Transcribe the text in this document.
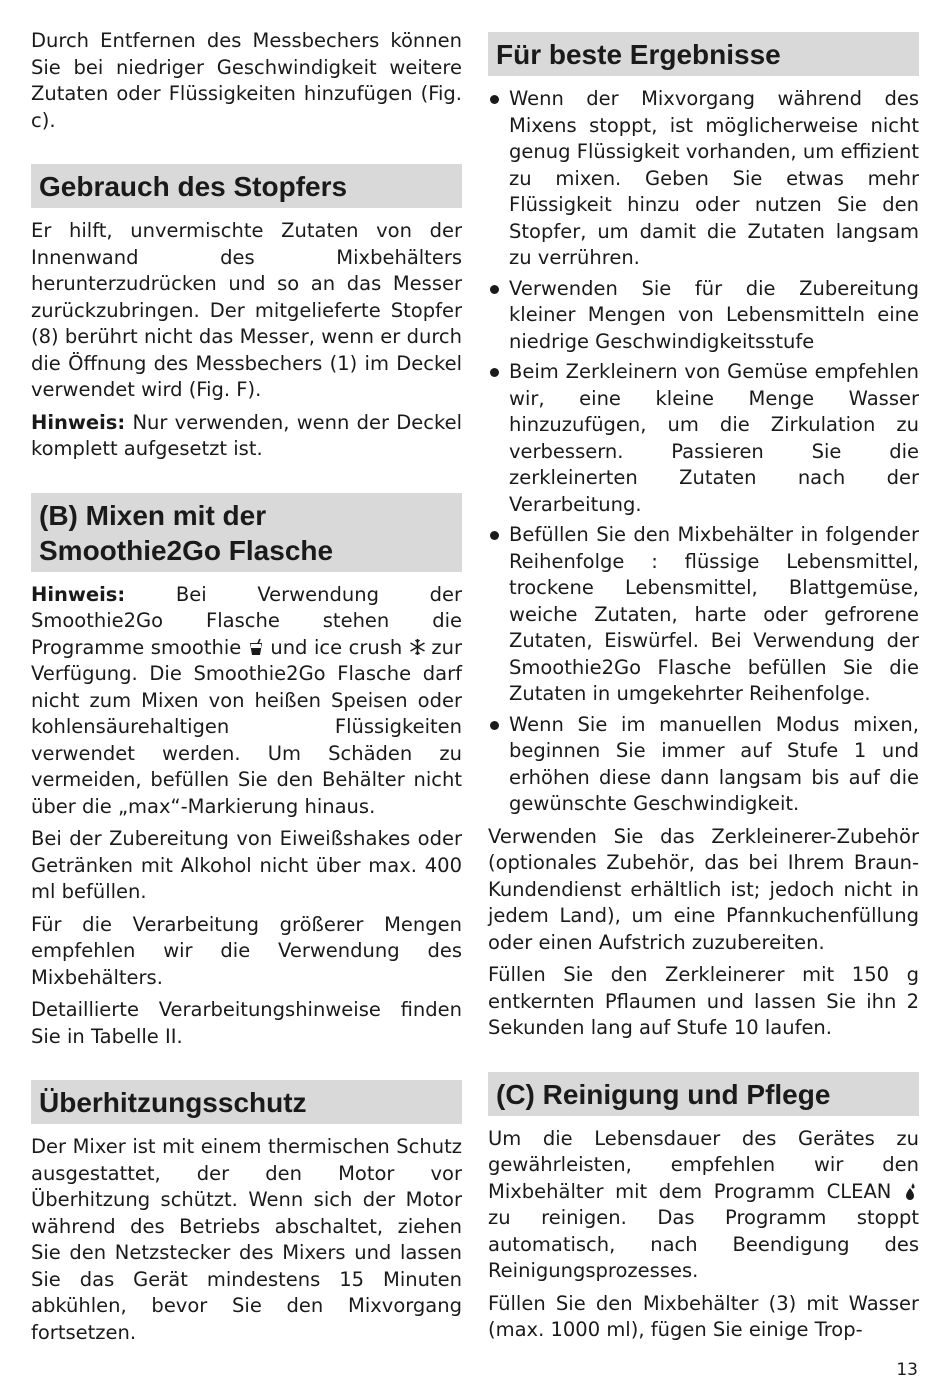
Durch Entfernen des Messbechers können Sie bei niedriger Geschwindigkeit weitere Zutaten oder Flüssigkeiten hinzufügen (Fig. c).

Gebrauch des Stopfers

Er hilft, unvermischte Zutaten von der Innenwand des Mixbehälters herunterzudrücken und so an das Messer zurückzubringen. Der mitgelieferte Stopfer (8) berührt nicht das Messer, wenn er durch die Öffnung des Messbechers (1) im Deckel verwendet wird (Fig. F).

Hinweis: Nur verwenden, wenn der Deckel komplett aufgesetzt ist.

(B) Mixen mit der Smoothie2Go Flasche

Hinweis: Bei Verwendung der Smoothie2Go Flasche stehen die Programme smoothie  und ice crush  zur Verfügung. Die Smoothie2Go Flasche darf nicht zum Mixen von heißen Speisen oder kohlensäurehaltigen Flüssigkeiten verwendet werden. Um Schäden zu vermeiden, befüllen Sie den Behälter nicht über die „max“-Markierung hinaus.

Bei der Zubereitung von Eiweißshakes oder Getränken mit Alkohol nicht über max. 400 ml befüllen.

Für die Verarbeitung größerer Mengen empfehlen wir die Verwendung des Mixbehälters.

Detaillierte Verarbeitungshinweise finden Sie in Tabelle II.

Überhitzungsschutz

Der Mixer ist mit einem thermischen Schutz ausgestattet, der den Motor vor Überhitzung schützt. Wenn sich der Motor während des Betriebs abschaltet, ziehen Sie den Netzstecker des Mixers und lassen Sie das Gerät mindestens 15 Minuten abkühlen, bevor Sie den Mixvorgang fortsetzen.

Für beste Ergebnisse
Wenn der Mixvorgang während des Mixens stoppt, ist möglicherweise nicht genug Flüssigkeit vorhanden, um effizient zu mixen. Geben Sie etwas mehr Flüssigkeit hinzu oder nutzen Sie den Stopfer, um damit die Zutaten langsam zu verrühren.
Verwenden Sie für die Zubereitung kleiner Mengen von Lebensmitteln eine niedrige Geschwindigkeitsstufe
Beim Zerkleinern von Gemüse empfehlen wir, eine kleine Menge Wasser hinzuzufügen, um die Zirkulation zu verbessern. Passieren Sie die zerkleinerten Zutaten nach der Verarbeitung.
Befüllen Sie den Mixbehälter in folgender Reihenfolge : flüssige Lebensmittel, trockene Lebensmittel, Blattgemüse, weiche Zutaten, harte oder gefrorene Zutaten, Eiswürfel. Bei Verwendung der Smoothie2Go Flasche befüllen Sie die Zutaten in umgekehrter Reihenfolge.
Wenn Sie im manuellen Modus mixen, beginnen Sie immer auf Stufe 1 und erhöhen diese dann langsam bis auf die gewünschte Geschwindigkeit.

Verwenden Sie das Zerkleinerer-Zubehör (optionales Zubehör, das bei Ihrem Braun-Kundendienst erhältlich ist; jedoch nicht in jedem Land), um eine Pfannkuchenfüllung oder einen Aufstrich zuzubereiten.

Füllen Sie den Zerkleinerer mit 150 g entkernten Pflaumen und lassen Sie ihn 2 Sekunden lang auf Stufe 10 laufen.

(C) Reinigung und Pflege

Um die Lebensdauer des Gerätes zu gewährleisten, empfehlen wir den Mixbehälter mit dem Programm CLEAN  zu reinigen. Das Programm stoppt automatisch, nach Beendigung des Reinigungsprozesses.

Füllen Sie den Mixbehälter (3) mit Wasser (max. 1000 ml), fügen Sie einige Trop-

13
